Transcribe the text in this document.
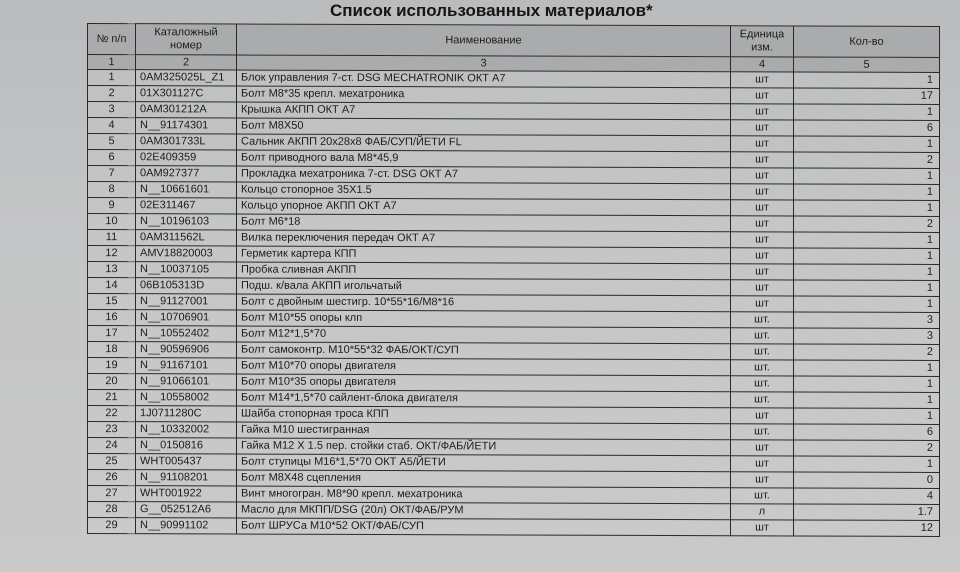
Список использованных материалов*
№ п/п	Каталожный номер	Наименование	Единица изм.	Кол-во
1	2	3	4	5
1	0AM325025L_Z1	Блок управления 7-ст. DSG MECHATRONIK ОКТ А7	шт	1
2	01X301127C	Болт М8*35 крепл. мехатроника	шт	17
3	0AM301212A	Крышка АКПП ОКТ А7	шт	1
4	N__91174301	Болт М8Х50	шт	6
5	0AM301733L	Сальник АКПП 20x28x8 ФАБ/СУП/ЙЕТИ FL	шт	1
6	02E409359	Болт приводного вала М8*45,9	шт	2
7	0AM927377	Прокладка мехатроника 7-ст. DSG ОКТ А7	шт	1
8	N__10661601	Кольцо стопорное 35Х1.5	шт	1
9	02E311467	Кольцо упорное АКПП ОКТ А7	шт	1
10	N__10196103	Болт М6*18	шт	2
11	0AM311562L	Вилка переключения передач ОКТ А7	шт	1
12	AMV18820003	Герметик картера КПП	шт	1
13	N__10037105	Пробка сливная АКПП	шт	1
14	06B105313D	Подш. к/вала АКПП игольчатый	шт	1
15	N__91127001	Болт с двойным шестигр. 10*55*16/М8*16	шт	1
16	N__10706901	Болт М10*55 опоры клп	шт.	3
17	N__10552402	Болт М12*1,5*70	шт.	3
18	N__90596906	Болт самоконтр. М10*55*32 ФАБ/ОКТ/СУП	шт.	2
19	N__91167101	Болт М10*70 опоры двигателя	шт.	1
20	N__91066101	Болт М10*35 опоры двигателя	шт.	1
21	N__10558002	Болт М14*1,5*70 сайлент-блока двигателя	шт.	1
22	1J0711280C	Шайба стопорная троса КПП	шт	1
23	N__10332002	Гайка М10 шестигранная	шт.	6
24	N__0150816	Гайка М12 Х 1.5 пер. стойки стаб. ОКТ/ФАБ/ЙЕТИ	шт	2
25	WHT005437	Болт ступицы М16*1,5*70 ОКТ А5/ЙЕТИ	шт	1
26	N__91108201	Болт М8Х48 сцепления	шт	0
27	WHT001922	Винт многогран. М8*90 крепл. мехатроника	шт.	4
28	G__052512A6	Масло для МКПП/DSG (20л) ОКТ/ФАБ/РУМ	л	1.7
29	N__90991102	Болт ШРУСа М10*52 ОКТ/ФАБ/СУП	шт	12
